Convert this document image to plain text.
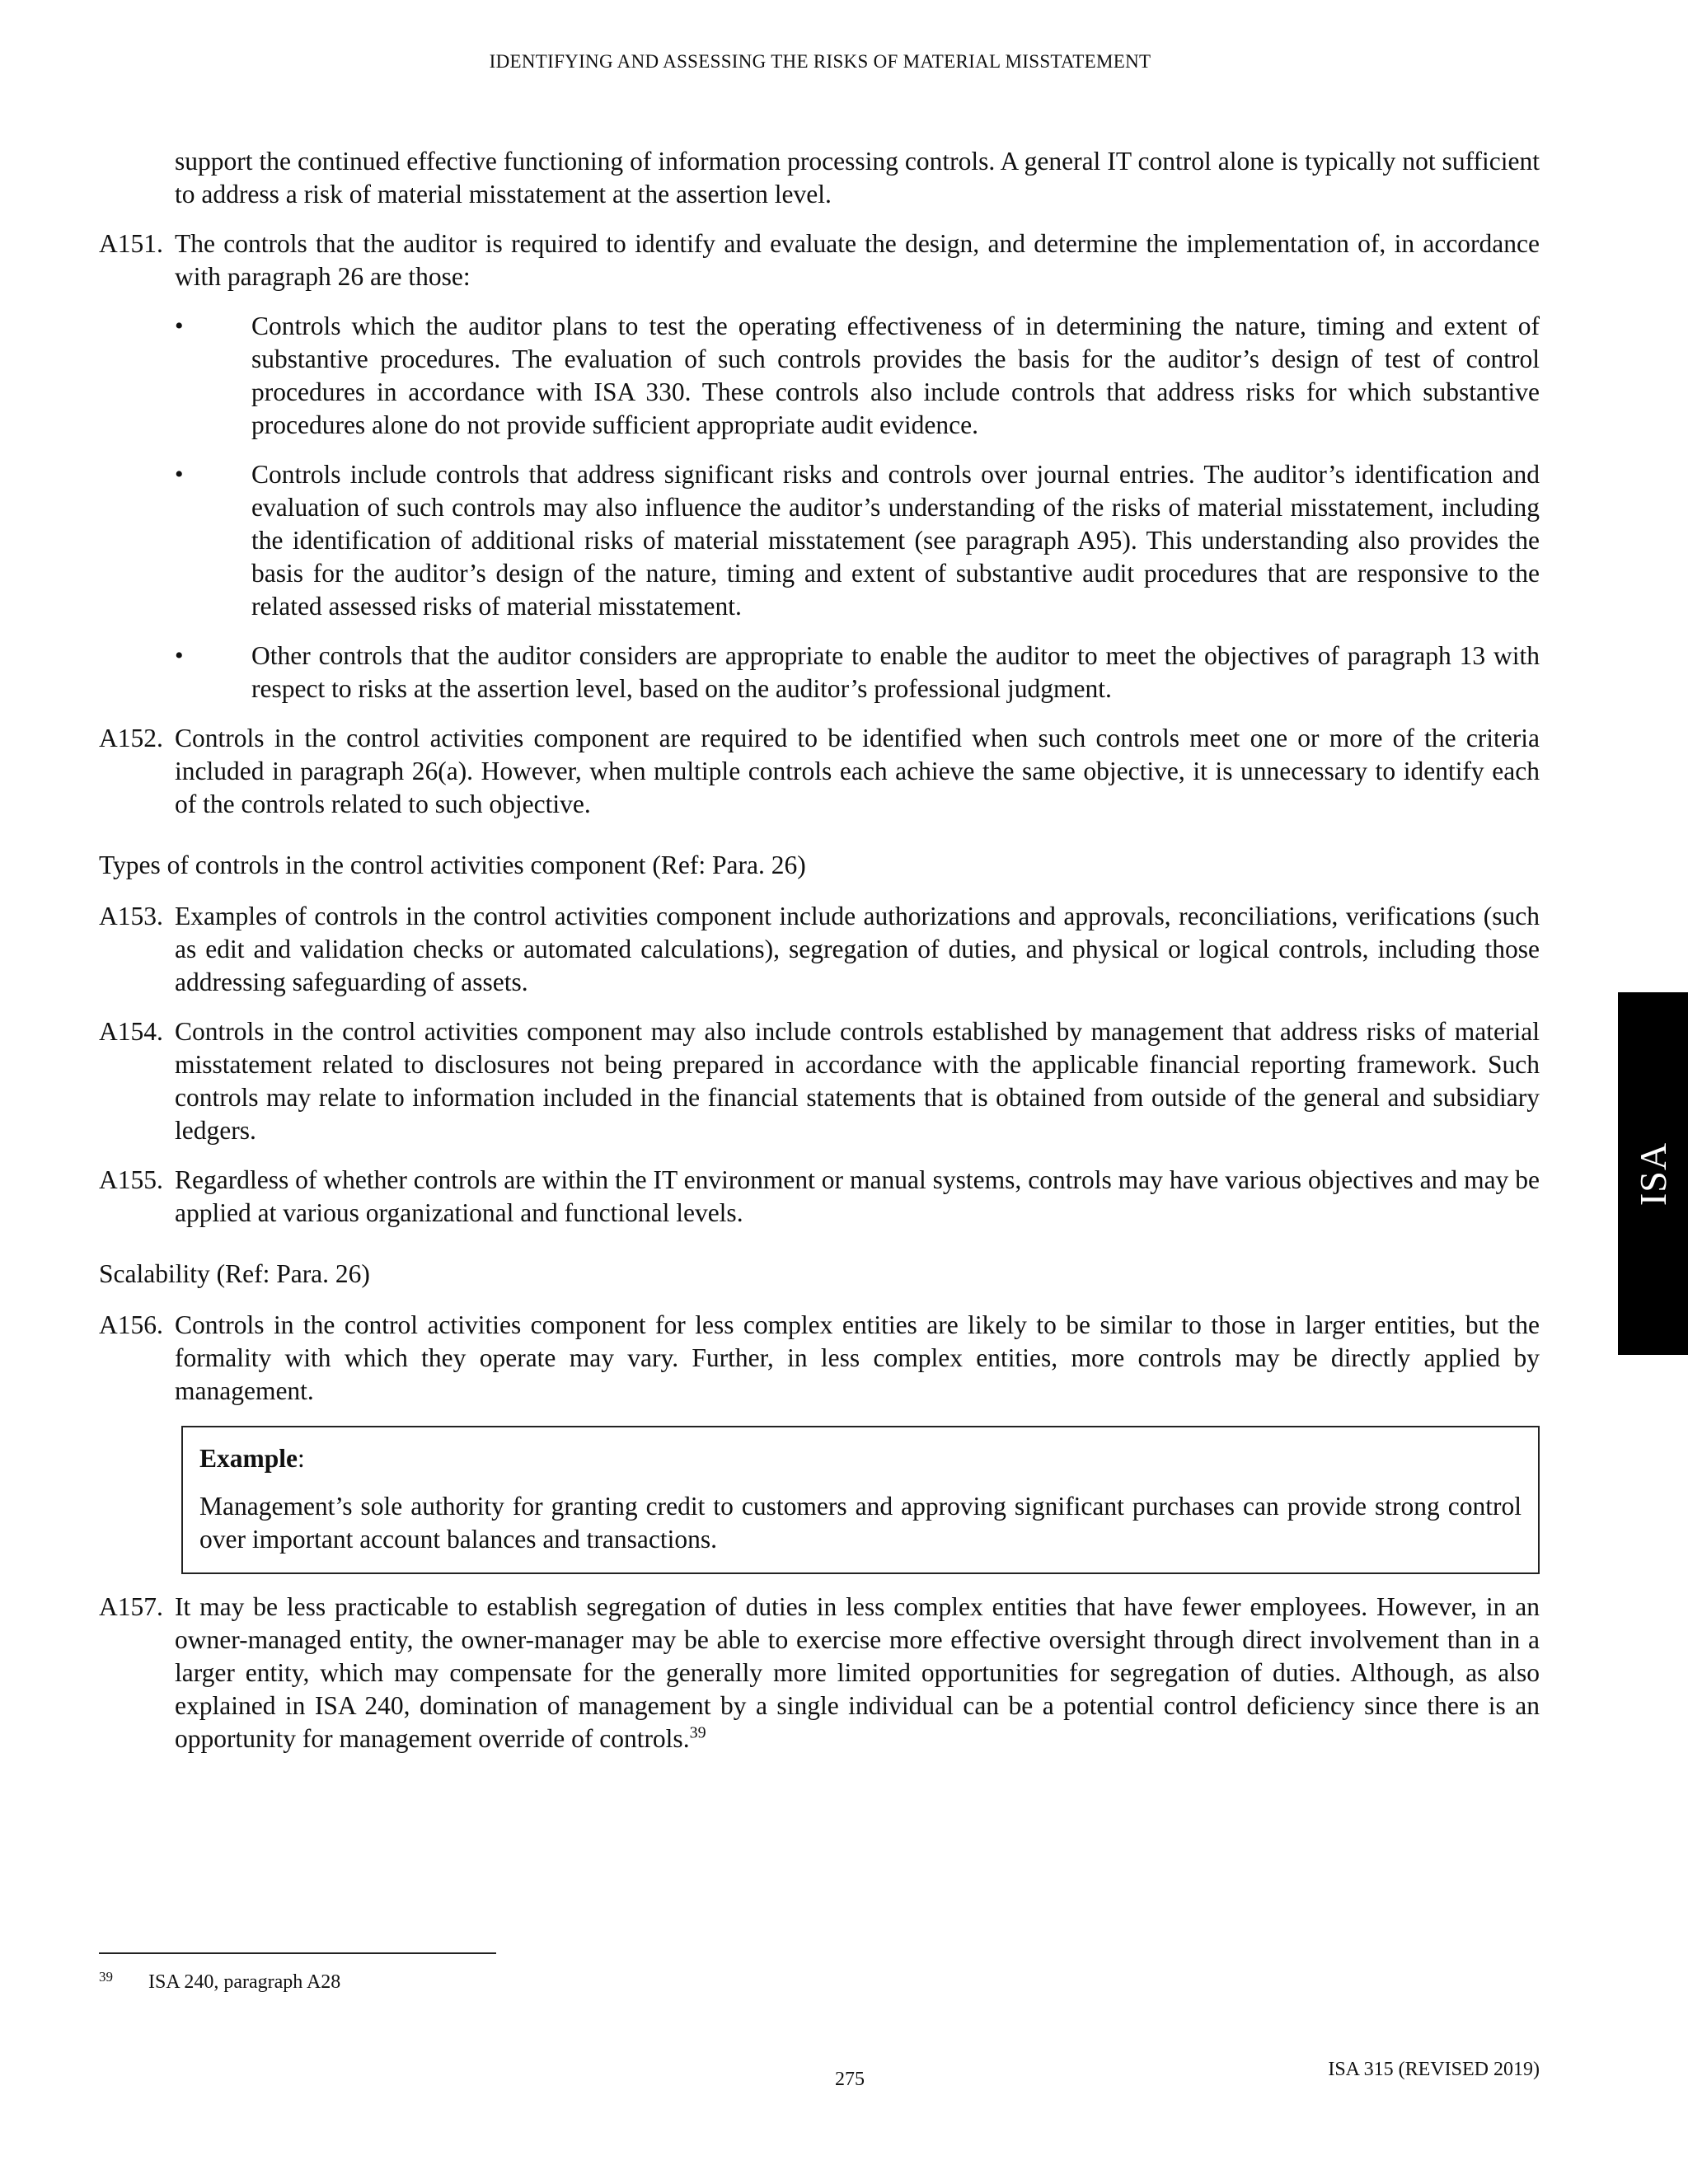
IDENTIFYING AND ASSESSING THE RISKS OF MATERIAL MISSTATEMENT
support the continued effective functioning of information processing controls. A general IT control alone is typically not sufficient to address a risk of material misstatement at the assertion level.
A151. The controls that the auditor is required to identify and evaluate the design, and determine the implementation of, in accordance with paragraph 26 are those:
•	Controls which the auditor plans to test the operating effectiveness of in determining the nature, timing and extent of substantive procedures. The evaluation of such controls provides the basis for the auditor’s design of test of control procedures in accordance with ISA 330. These controls also include controls that address risks for which substantive procedures alone do not provide sufficient appropriate audit evidence.
•	Controls include controls that address significant risks and controls over journal entries. The auditor’s identification and evaluation of such controls may also influence the auditor’s understanding of the risks of material misstatement, including the identification of additional risks of material misstatement (see paragraph A95). This understanding also provides the basis for the auditor’s design of the nature, timing and extent of substantive audit procedures that are responsive to the related assessed risks of material misstatement.
•	Other controls that the auditor considers are appropriate to enable the auditor to meet the objectives of paragraph 13 with respect to risks at the assertion level, based on the auditor’s professional judgment.
A152. Controls in the control activities component are required to be identified when such controls meet one or more of the criteria included in paragraph 26(a). However, when multiple controls each achieve the same objective, it is unnecessary to identify each of the controls related to such objective.
Types of controls in the control activities component (Ref: Para. 26)
A153. Examples of controls in the control activities component include authorizations and approvals, reconciliations, verifications (such as edit and validation checks or automated calculations), segregation of duties, and physical or logical controls, including those addressing safeguarding of assets.
A154. Controls in the control activities component may also include controls established by management that address risks of material misstatement related to disclosures not being prepared in accordance with the applicable financial reporting framework. Such controls may relate to information included in the financial statements that is obtained from outside of the general and subsidiary ledgers.
A155. Regardless of whether controls are within the IT environment or manual systems, controls may have various objectives and may be applied at various organizational and functional levels.
Scalability (Ref: Para. 26)
A156. Controls in the control activities component for less complex entities are likely to be similar to those in larger entities, but the formality with which they operate may vary. Further, in less complex entities, more controls may be directly applied by management.
Example:
Management’s sole authority for granting credit to customers and approving significant purchases can provide strong control over important account balances and transactions.
A157. It may be less practicable to establish segregation of duties in less complex entities that have fewer employees. However, in an owner-managed entity, the owner-manager may be able to exercise more effective oversight through direct involvement than in a larger entity, which may compensate for the generally more limited opportunities for segregation of duties. Although, as also explained in ISA 240, domination of management by a single individual can be a potential control deficiency since there is an opportunity for management override of controls.$^{39}$
ISA
39 ISA 240, paragraph A28
275	ISA 315 (REVISED 2019)
